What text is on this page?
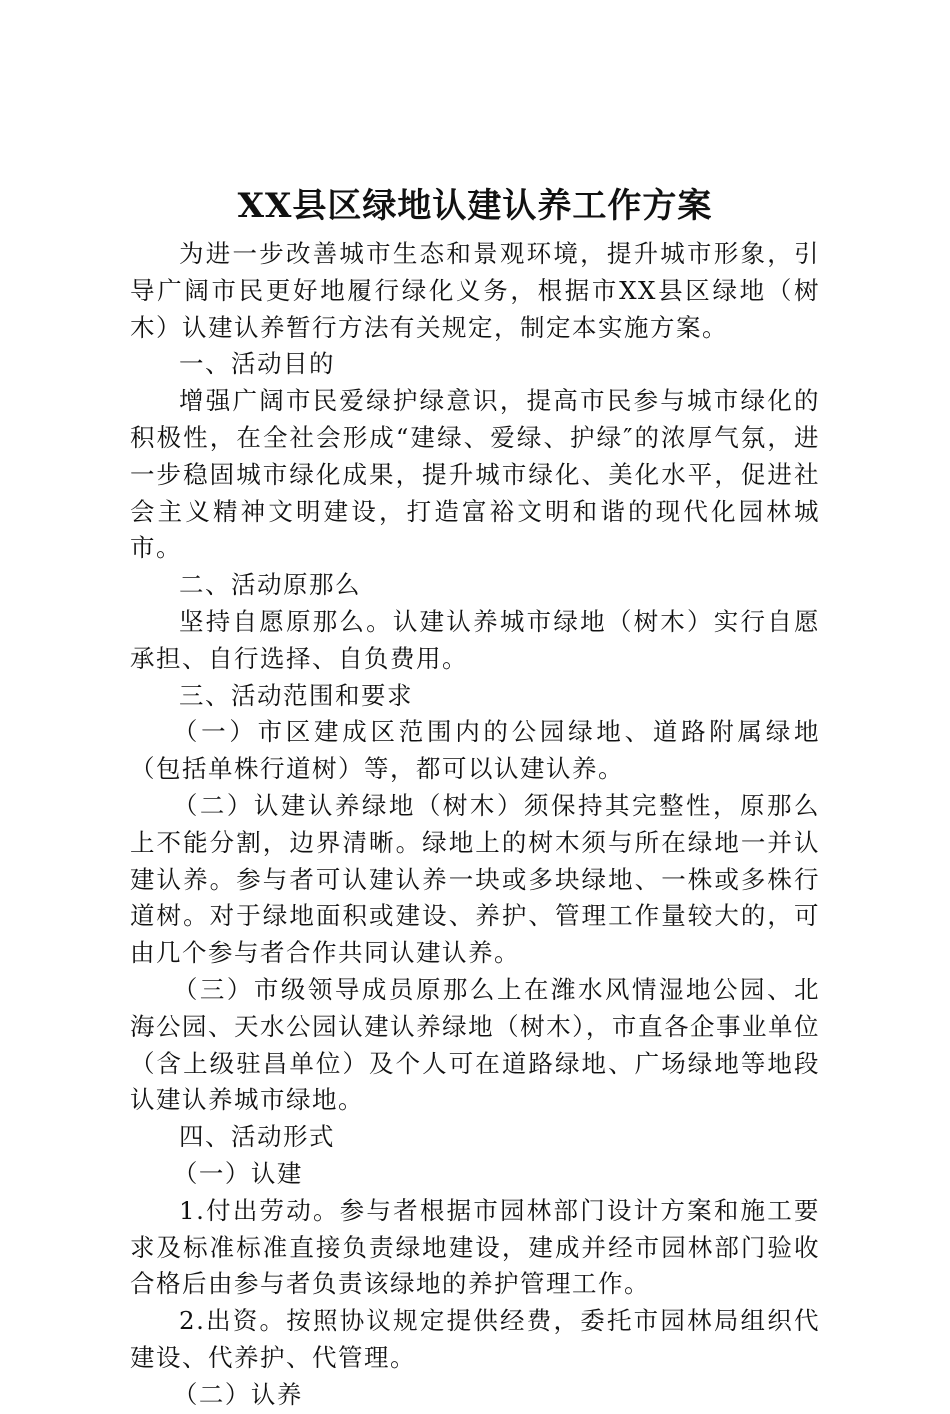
XX县区绿地认建认养工作方案

为进一步改善城市生态和景观环境，提升城市形象，引导广阔市民更好地履行绿化义务，根据市XX县区绿地（树木）认建认养暂行方法有关规定，制定本实施方案。

一、活动目的

增强广阔市民爱绿护绿意识，提高市民参与城市绿化的积极性，在全社会形成“建绿、爱绿、护绿″的浓厚气氛，进一步稳固城市绿化成果，提升城市绿化、美化水平，促进社会主义精神文明建设，打造富裕文明和谐的现代化园林城市。

二、活动原那么

坚持自愿原那么。认建认养城市绿地（树木）实行自愿承担、自行选择、自负费用。

三、活动范围和要求

（一）市区建成区范围内的公园绿地、道路附属绿地（包括单株行道树）等，都可以认建认养。

（二）认建认养绿地（树木）须保持其完整性，原那么上不能分割，边界清晰。绿地上的树木须与所在绿地一并认建认养。参与者可认建认养一块或多块绿地、一株或多株行道树。对于绿地面积或建设、养护、管理工作量较大的，可由几个参与者合作共同认建认养。

（三）市级领导成员原那么上在潍水风情湿地公园、北海公园、天水公园认建认养绿地（树木），市直各企事业单位（含上级驻昌单位）及个人可在道路绿地、广场绿地等地段认建认养城市绿地。

四、活动形式

（一）认建

1.付出劳动。参与者根据市园林部门设计方案和施工要求及标准标准直接负责绿地建设，建成并经市园林部门验收合格后由参与者负责该绿地的养护管理工作。

2.出资。按照协议规定提供经费，委托市园林局组织代建设、代养护、代管理。

（二）认养
